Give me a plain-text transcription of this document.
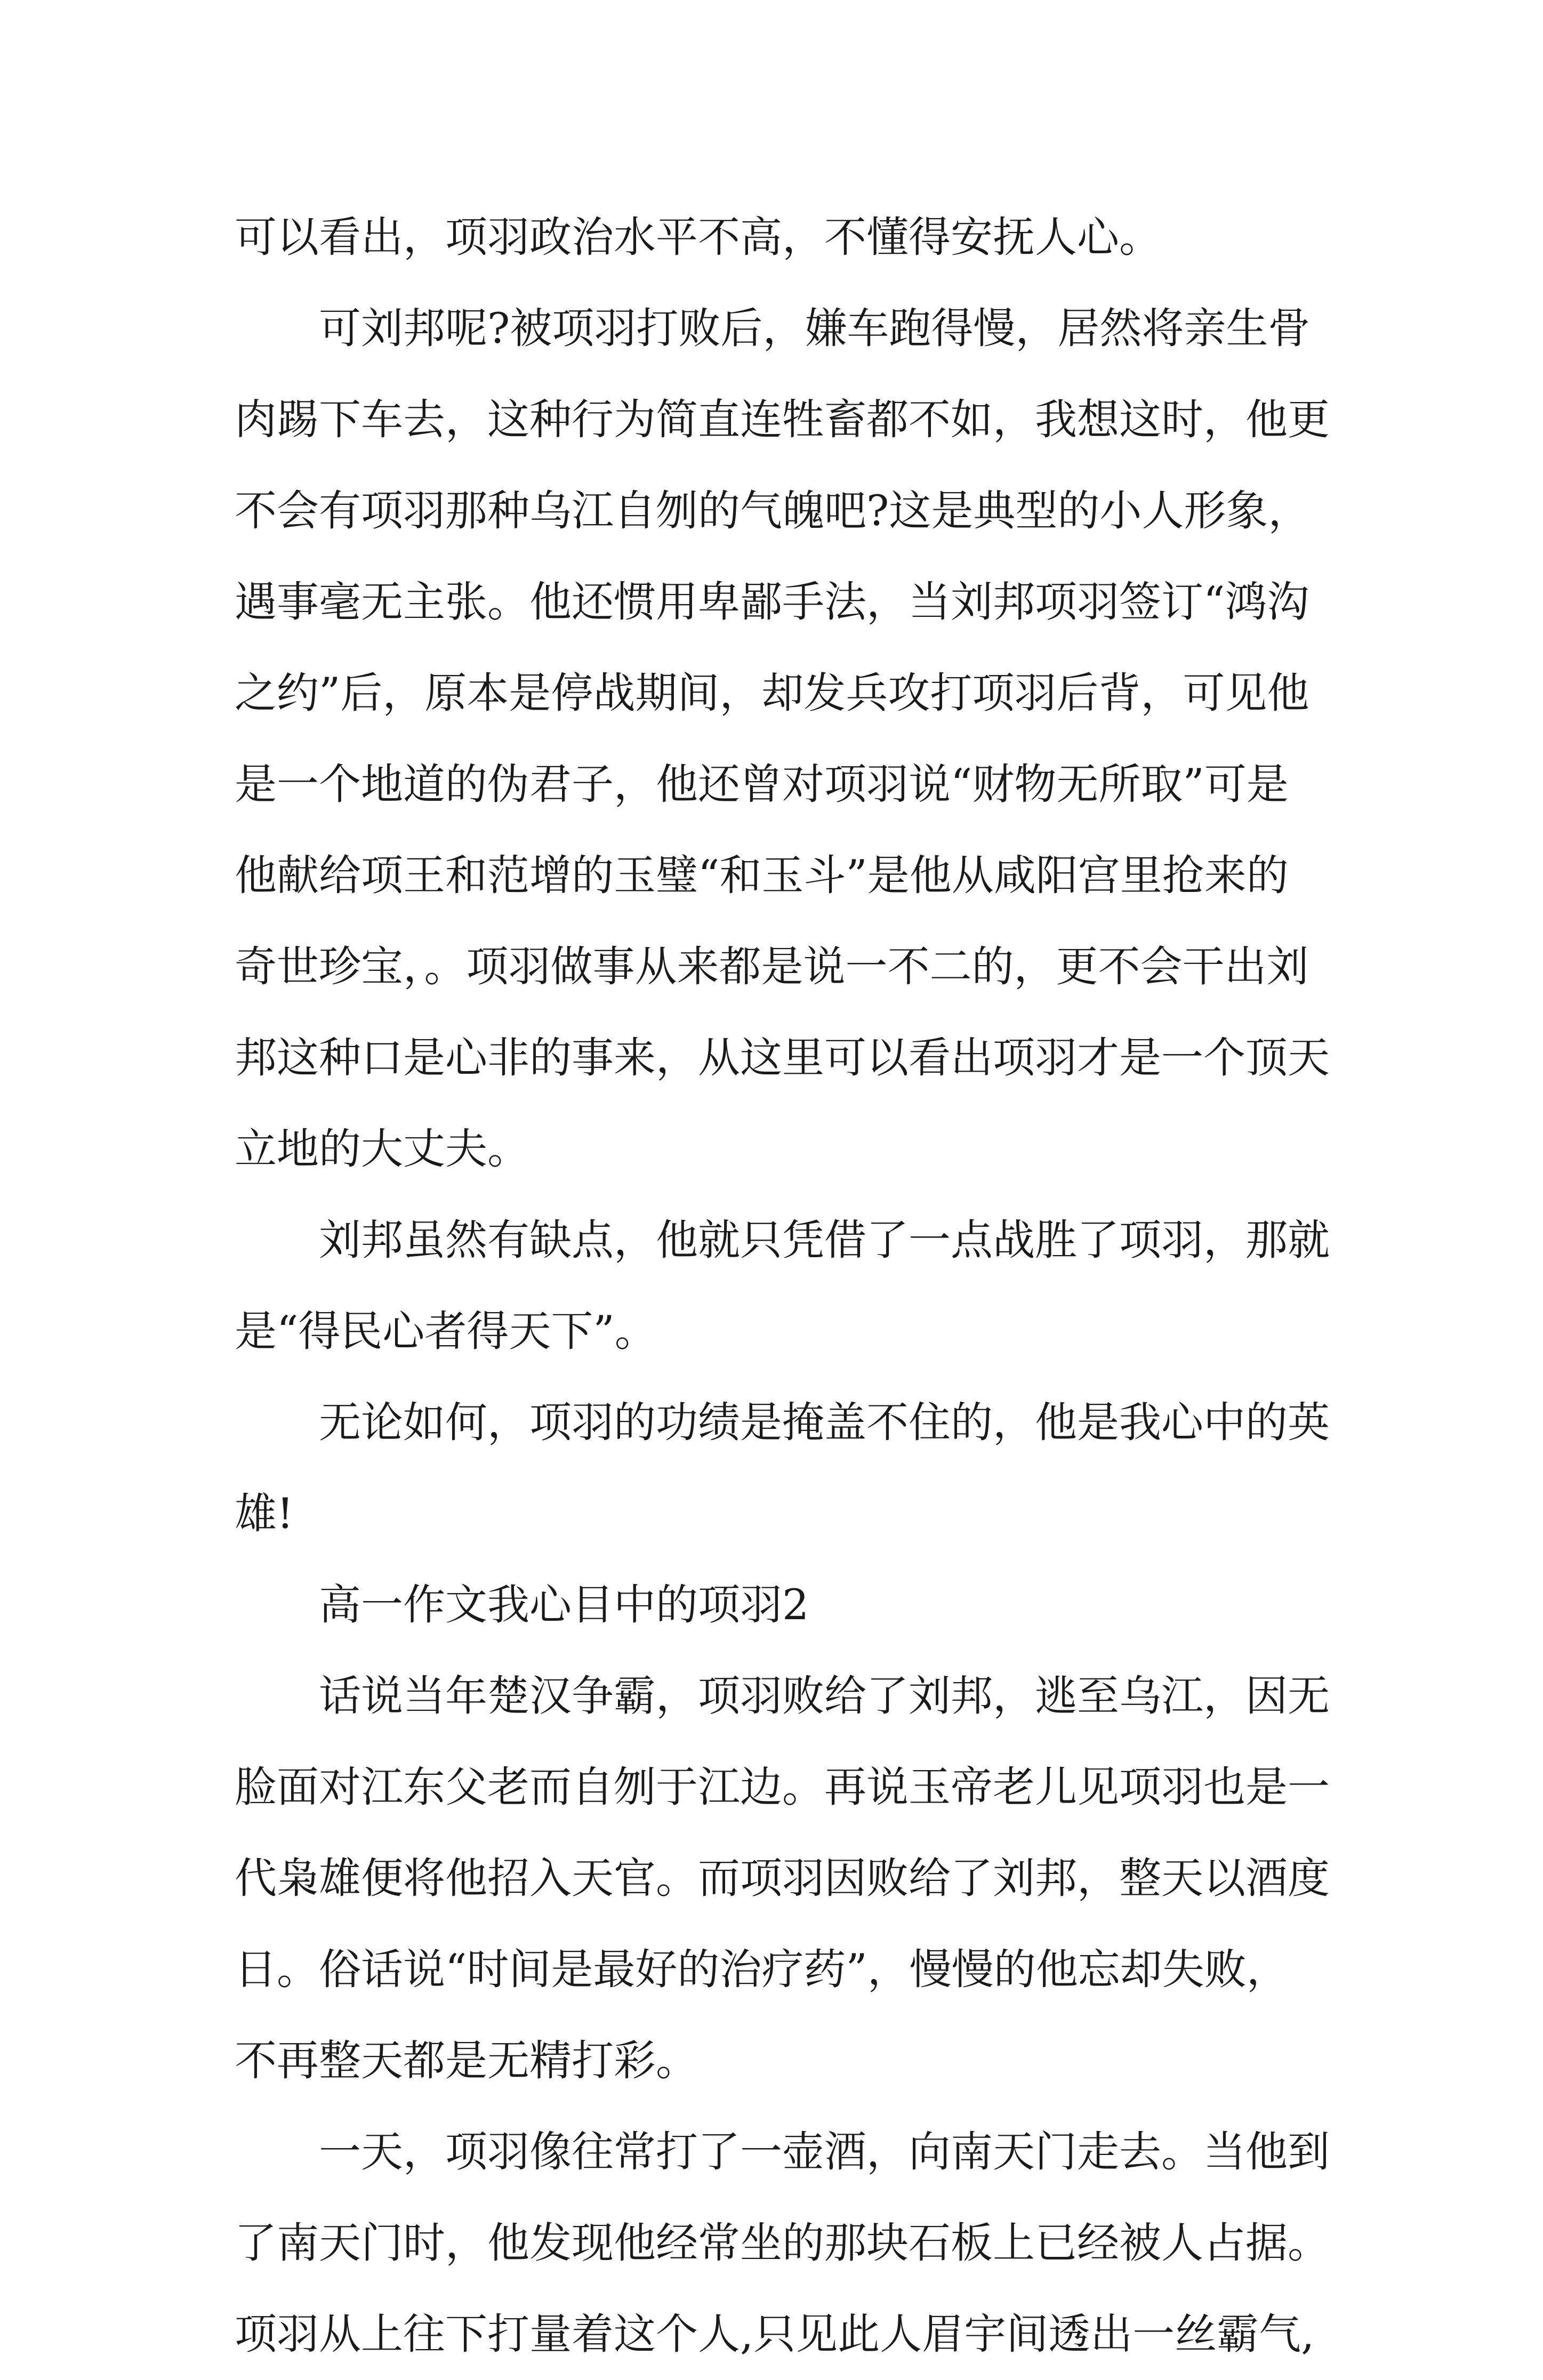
可以看出，项羽政治水平不高，不懂得安抚人心。
可刘邦呢?被项羽打败后，嫌车跑得慢，居然将亲生骨
肉踢下车去，这种行为简直连牲畜都不如，我想这时，他更
不会有项羽那种乌江自刎的气魄吧?这是典型的小人形象，
遇事毫无主张。他还惯用卑鄙手法，当刘邦项羽签订“鸿沟
之约”后，原本是停战期间，却发兵攻打项羽后背，可见他
是一个地道的伪君子，他还曾对项羽说“财物无所取”可是
他献给项王和范增的玉璧“和玉斗”是他从咸阳宫里抢来的
奇世珍宝，。项羽做事从来都是说一不二的，更不会干出刘
邦这种口是心非的事来，从这里可以看出项羽才是一个顶天
立地的大丈夫。
刘邦虽然有缺点，他就只凭借了一点战胜了项羽，那就
是“得民心者得天下”。
无论如何，项羽的功绩是掩盖不住的，他是我心中的英
雄!
高一作文我心目中的项羽2
话说当年楚汉争霸，项羽败给了刘邦，逃至乌江，因无
脸面对江东父老而自刎于江边。再说玉帝老儿见项羽也是一
代枭雄便将他招入天官。而项羽因败给了刘邦，整天以酒度
日。俗话说“时间是最好的治疗药”，慢慢的他忘却失败，
不再整天都是无精打彩。
一天，项羽像往常打了一壶酒，向南天门走去。当他到
了南天门时，他发现他经常坐的那块石板上已经被人占据。
项羽从上往下打量着这个人,只见此人眉宇间透出一丝霸气,
